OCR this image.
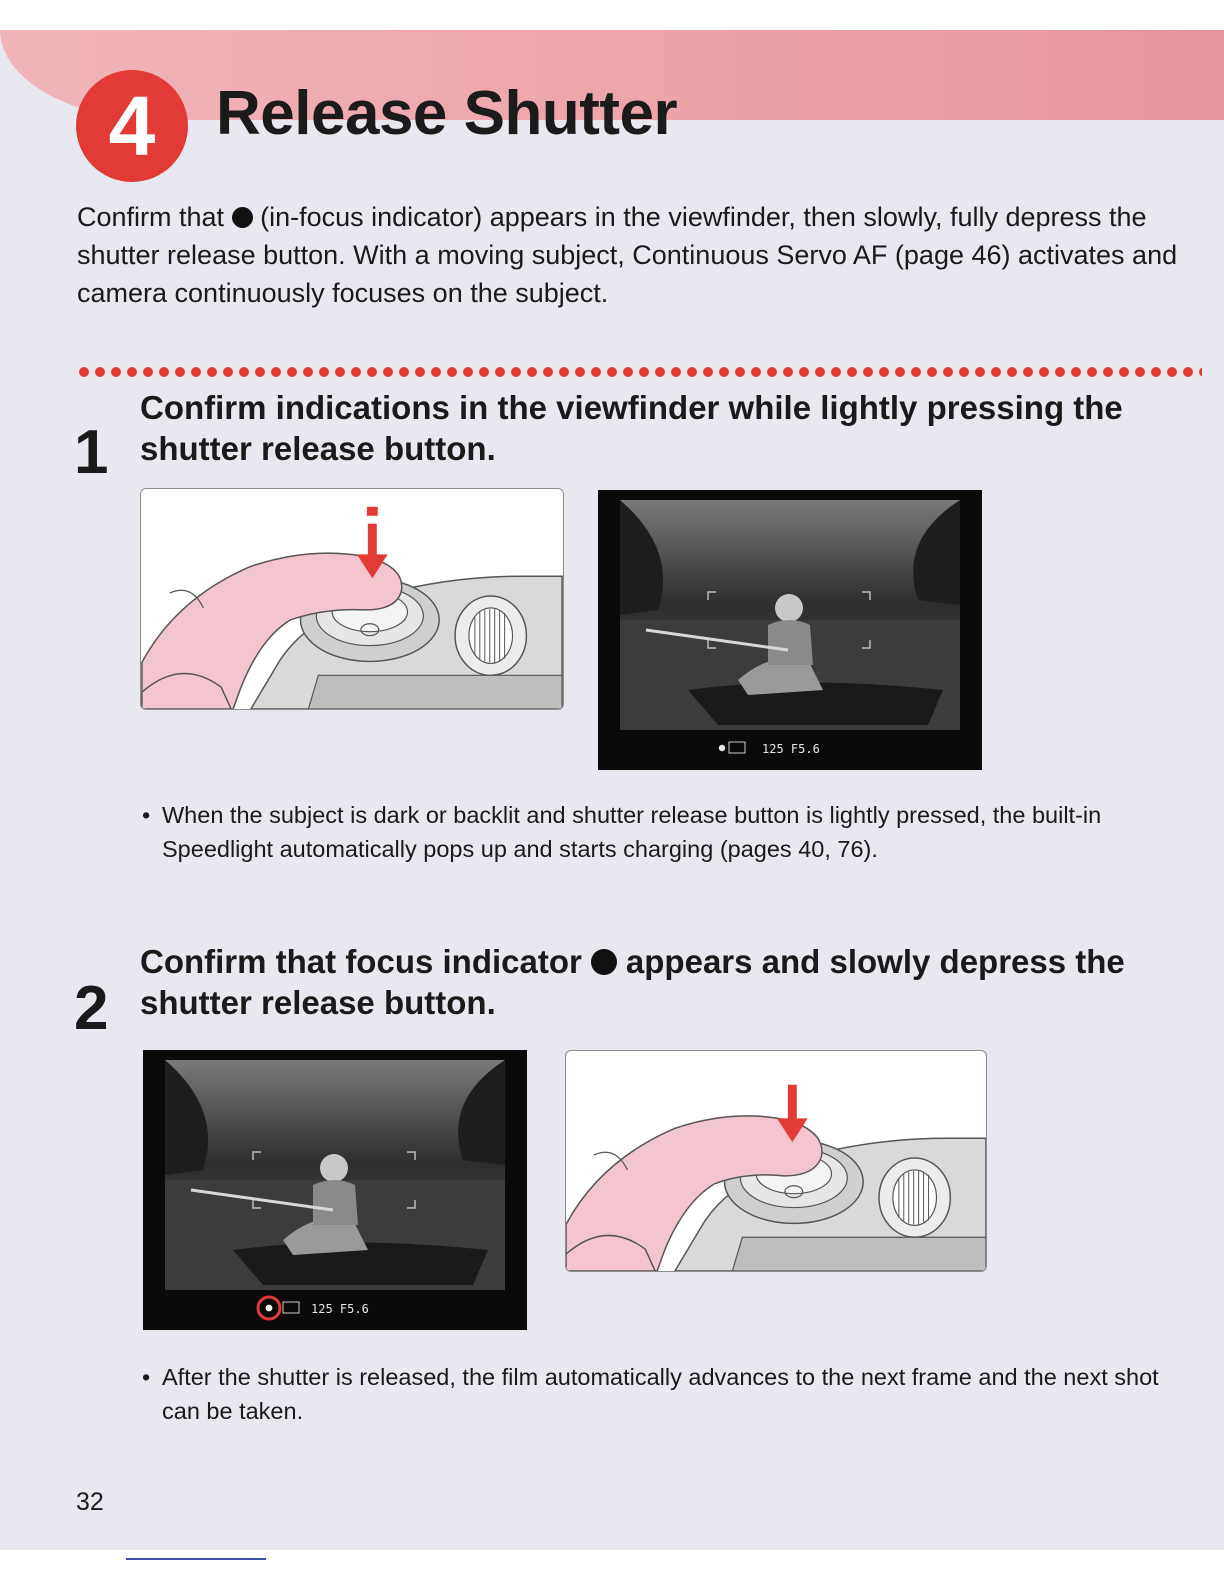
4 Release Shutter

Confirm that  (in-focus indicator) appears in the viewfinder, then slowly, fully depress the shutter release button. With a moving subject, Continuous Servo AF (page 46) activates and camera continuously focuses on the subject.

1

Confirm indications in the viewfinder while lightly pressing the shutter release button.

125 F5.6

• When the subject is dark or backlit and shutter release button is lightly pressed, the built-in Speedlight automatically pops up and starts charging (pages 40, 76).

2

Confirm that focus indicator  appears and slowly depress the shutter release button.

125 F5.6

• After the shutter is released, the film automatically advances to the next frame and the next shot can be taken.

32
